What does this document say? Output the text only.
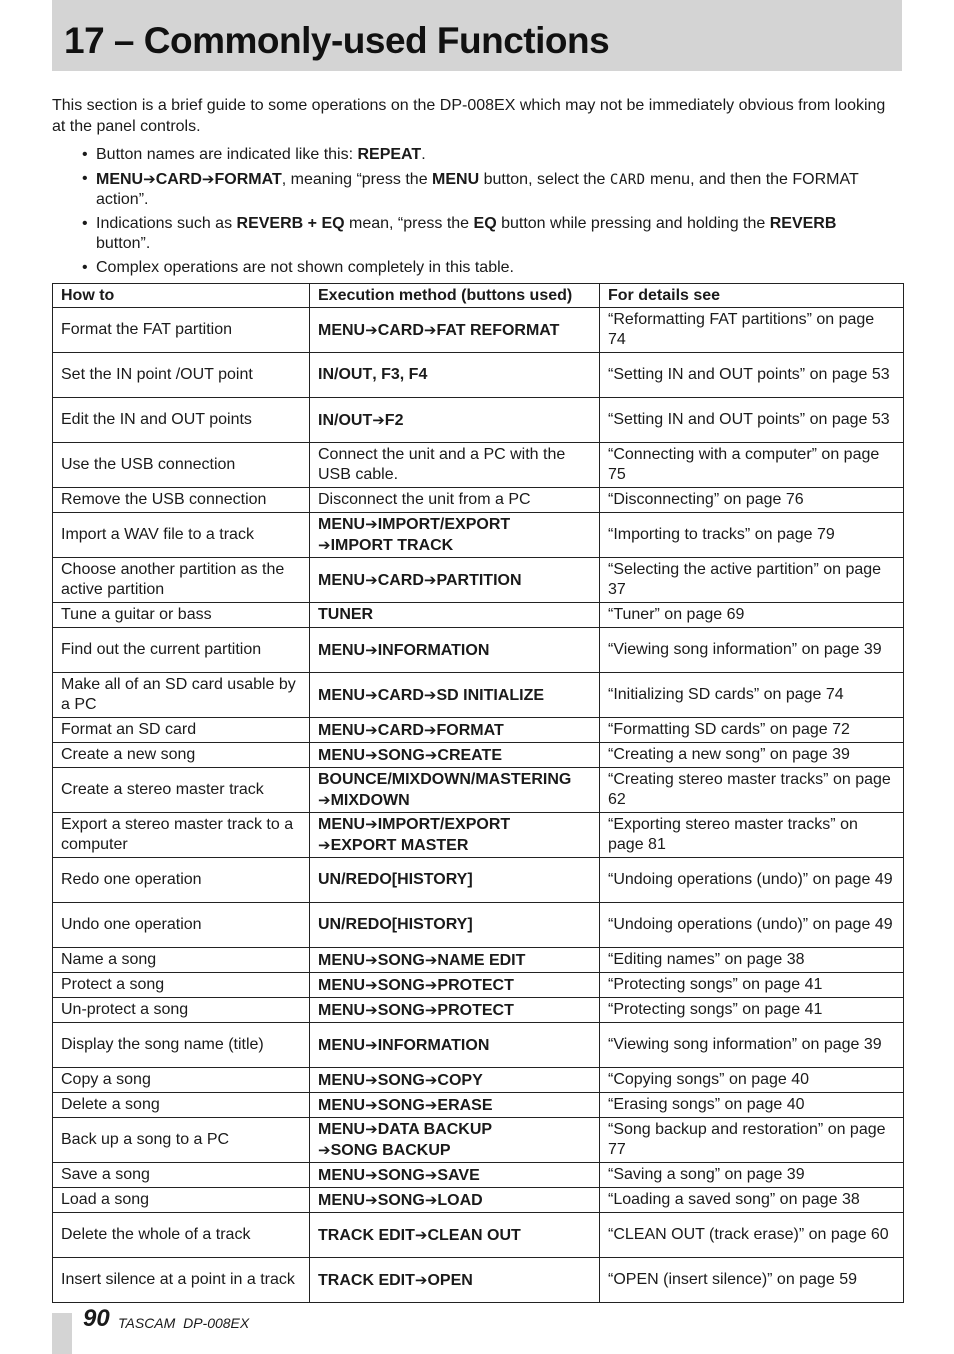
17 – Commonly-used Functions

This section is a brief guide to some operations on the DP-008EX which may not be immediately obvious from looking at the panel controls.

• Button names are indicated like this: REPEAT.
• MENU➔CARD➔FORMAT, meaning “press the MENU button, select the CARD menu, and then the FORMAT action”.
• Indications such as REVERB + EQ mean, “press the EQ button while pressing and holding the REVERB button”.
• Complex operations are not shown completely in this table.
How to	Execution method (buttons used)	For details see
Format the FAT partition	MENU➔CARD➔FAT REFORMAT	“Reformatting FAT partitions” on page 74
Set the IN point /OUT point	IN/OUT, F3, F4	“Setting IN and OUT points” on page 53
Edit the IN and OUT points	IN/OUT➔F2	“Setting IN and OUT points” on page 53
Use the USB connection	Connect the unit and a PC with the USB cable.	“Connecting with a computer” on page 75
Remove the USB connection	Disconnect the unit from a PC	“Disconnecting” on page 76
Import a WAV file to a track	MENU➔IMPORT/EXPORT
➔IMPORT TRACK	“Importing to tracks” on page 79
Choose another partition as the active partition	MENU➔CARD➔PARTITION	“Selecting the active partition” on page 37
Tune a guitar or bass	TUNER	“Tuner” on page 69
Find out the current partition	MENU➔INFORMATION	“Viewing song information” on page 39
Make all of an SD card usable by a PC	MENU➔CARD➔SD INITIALIZE	“Initializing SD cards” on page 74
Format an SD card	MENU➔CARD➔FORMAT	“Formatting SD cards” on page 72
Create a new song	MENU➔SONG➔CREATE	“Creating a new song” on page 39
Create a stereo master track	BOUNCE/MIXDOWN/MASTERING
➔MIXDOWN	“Creating stereo master tracks” on page 62
Export a stereo master track to a computer	MENU➔IMPORT/EXPORT
➔EXPORT MASTER	“Exporting stereo master tracks” on page 81
Redo one operation	UN/REDO[HISTORY]	“Undoing operations (undo)” on page 49
Undo one operation	UN/REDO[HISTORY]	“Undoing operations (undo)” on page 49
Name a song	MENU➔SONG➔NAME EDIT	“Editing names” on page 38
Protect a song	MENU➔SONG➔PROTECT	“Protecting songs” on page 41
Un-protect a song	MENU➔SONG➔PROTECT	“Protecting songs” on page 41
Display the song name (title)	MENU➔INFORMATION	“Viewing song information” on page 39
Copy a song	MENU➔SONG➔COPY	“Copying songs” on page 40
Delete a song	MENU➔SONG➔ERASE	“Erasing songs” on page 40
Back up a song to a PC	MENU➔DATA BACKUP
➔SONG BACKUP	“Song backup and restoration” on page 77
Save a song	MENU➔SONG➔SAVE	“Saving a song” on page 39
Load a song	MENU➔SONG➔LOAD	“Loading a saved song” on page 38
Delete the whole of a track	TRACK EDIT➔CLEAN OUT	“CLEAN OUT (track erase)” on page 60
Insert silence at a point in a track	TRACK EDIT➔OPEN	“OPEN (insert silence)” on page 59
90 TASCAM  DP-008EX
